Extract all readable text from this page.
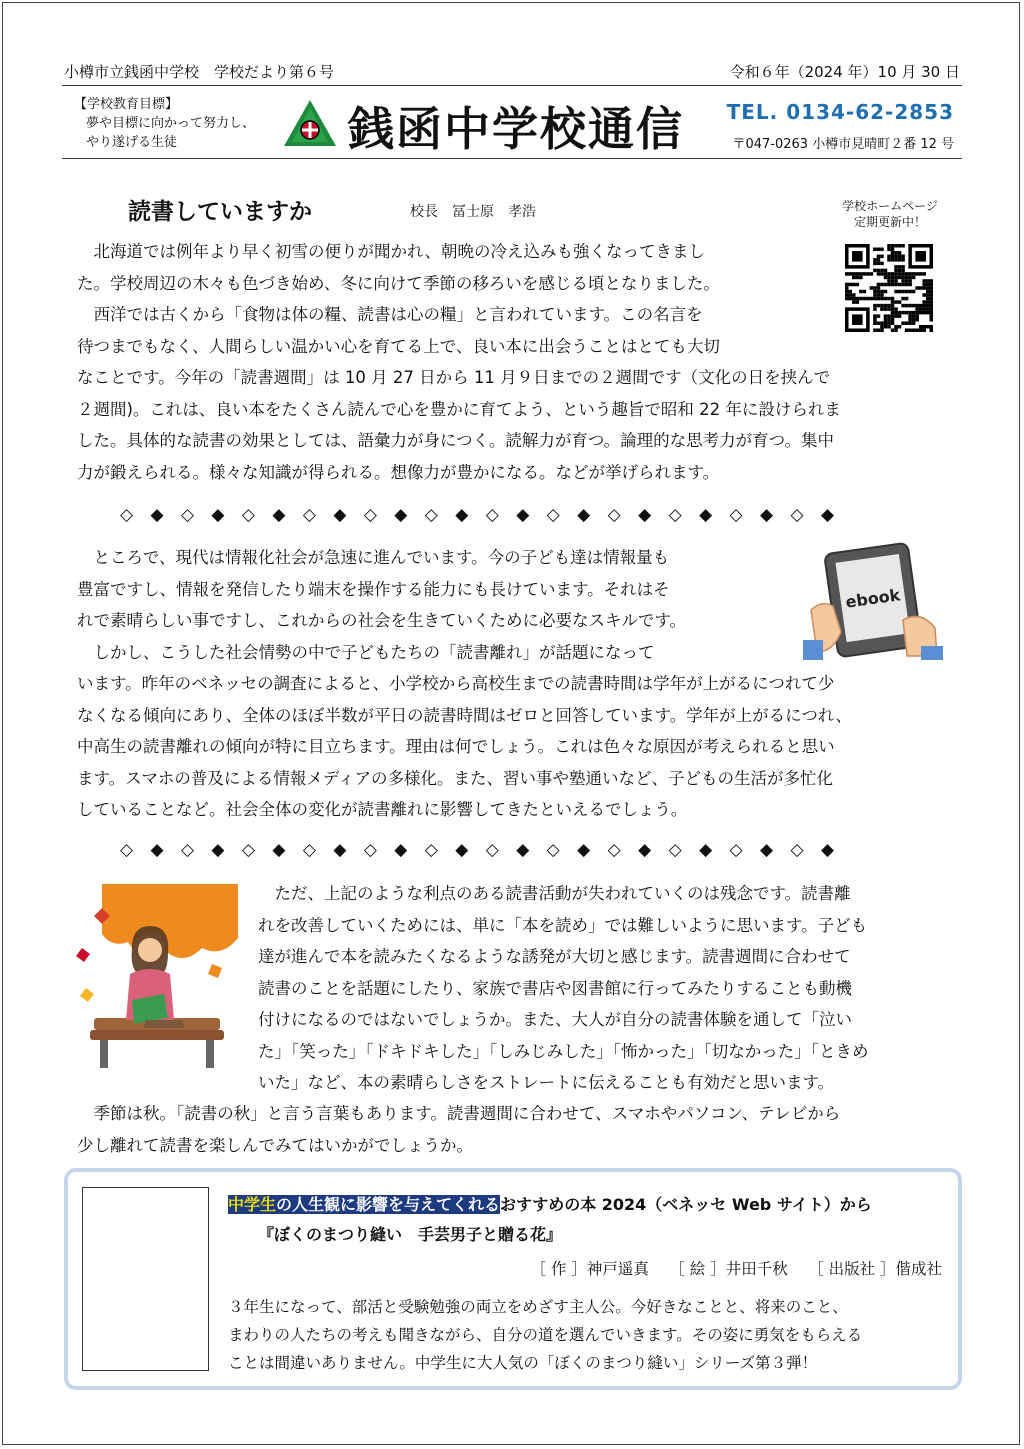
小樽市立銭函中学校　学校だより第６号	令和６年（2024 年）10 月 30 日
【学校教育目標】
夢や目標に向かって努力し、
やり遂げる生徒	銭函中学校通信 TEL. 0134-62-2853
〒047-0263 小樽市見晴町２番 12 号
読書していますか	校長　冨士原　孝浩	学校ホームページ
定期更新中！
　北海道では例年より早く初雪の便りが聞かれ、朝晩の冷え込みも強くなってきまし
た。学校周辺の木々も色づき始め、冬に向けて季節の移ろいを感じる頃となりました。
　西洋では古くから「食物は体の糧、読書は心の糧」と言われています。この名言を
待つまでもなく、人間らしい温かい心を育てる上で、良い本に出会うことはとても大切
なことです。今年の「読書週間」は 10 月 27 日から 11 月９日までの２週間です（文化の日を挟んで
２週間)。これは、良い本をたくさん読んで心を豊かに育てよう、という趣旨で昭和 22 年に設けられま
した。具体的な読書の効果としては、語彙力が身につく。読解力が育つ。論理的な思考力が育つ。集中
力が鍛えられる。様々な知識が得られる。想像力が豊かになる。などが挙げられます。
◇ ◆ ◇ ◆ ◇ ◆ ◇ ◆ ◇ ◆ ◇ ◆ ◇ ◆ ◇ ◆ ◇ ◆ ◇ ◆ ◇ ◆ ◇ ◆
ebook
　ところで、現代は情報化社会が急速に進んでいます。今の子ども達は情報量も
豊富ですし、情報を発信したり端末を操作する能力にも長けています。それはそ
れで素晴らしい事ですし、これからの社会を生きていくために必要なスキルです。
　しかし、こうした社会情勢の中で子どもたちの「読書離れ」が話題になって
います。昨年のベネッセの調査によると、小学校から高校生までの読書時間は学年が上がるにつれて少
なくなる傾向にあり、全体のほぼ半数が平日の読書時間はゼロと回答しています。学年が上がるにつれ、
中高生の読書離れの傾向が特に目立ちます。理由は何でしょう。これは色々な原因が考えられると思い
ます。スマホの普及による情報メディアの多様化。また、習い事や塾通いなど、子どもの生活が多忙化
していることなど。社会全体の変化が読書離れに影響してきたといえるでしょう。
◇ ◆ ◇ ◆ ◇ ◆ ◇ ◆ ◇ ◆ ◇ ◆ ◇ ◆ ◇ ◆ ◇ ◆ ◇ ◆ ◇ ◆ ◇ ◆
　ただ、上記のような利点のある読書活動が失われていくのは残念です。読書離
れを改善していくためには、単に「本を読め」では難しいように思います。子ども
達が進んで本を読みたくなるような誘発が大切と感じます。読書週間に合わせて
読書のことを話題にしたり、家族で書店や図書館に行ってみたりすることも動機
付けになるのではないでしょうか。また、大人が自分の読書体験を通して「泣い
た」「笑った」「ドキドキした」「しみじみした」「怖かった」「切なかった」「ときめ
いた」など、本の素晴らしさをストレートに伝えることも有効だと思います。
　季節は秋。「読書の秋」と言う言葉もあります。読書週間に合わせて、スマホやパソコン、テレビから
少し離れて読書を楽しんでみてはいかがでしょうか。
中学生の人生観に影響を与えてくれるおすすめの本 2024（ベネッセ Web サイト）から
『ぼくのまつり縫い　手芸男子と贈る花』
［ 作 ］神戸遥真　 ［ 絵 ］井田千秋　 ［ 出版社 ］偕成社
３年生になって、部活と受験勉強の両立をめざす主人公。今好きなことと、将来のこと、
まわりの人たちの考えも聞きながら、自分の道を選んでいきます。その姿に勇気をもらえる
ことは間違いありません。中学生に大人気の「ぼくのまつり縫い」シリーズ第３弾！
